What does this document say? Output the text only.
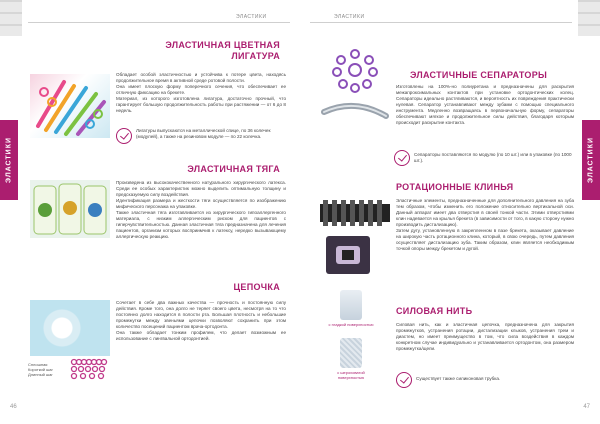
ЭЛАСТИКИ
ЭЛАСТИКИ
ЭЛАСТИЧНАЯ ЦВЕТНАЯ
ЛИГАТУРА

Обладает особой эластичностью и устойчива к потере цвета, находясь продолжительное время в активной среде ротовой полости.

Она имеет плоскую форму поперечного сечения, что обеспечивает ее отличную фиксацию на брекете.

Материал, из которого изготовлена лигатура, достаточно прочный, что гарантирует большую продолжительность работы при растяжении — от 6 до 8 недель.

Лигатуры выпускаются на металлической спице, по 36 колечек (модулей), а также на резиновом модуле — по 22 колечка.
ЭЛАСТИЧНАЯ ТЯГА

Произведена из высококачественного натурального хирургического латекса. Среди ее особых характеристик можно выделить оптимальную толщину и предсказуемую силу воздействия.

Идентификация размера и жесткости тяги осуществляется по изображению мифического персонажа на упаковке.

Также эластичная тяга изготавливается из хирургического гипоаллергенного материала, с низким аллергическим риском для пациентов с гиперчувствительностью. Данная эластичная тяга предназначена для лечения пациентов, организм которых восприимчив к латексу, нередко вызывающему аллергическую реакцию.

ЦЕПОЧКА
Сплошная
Короткий шаг
Длинный шаг

Сочетает в себе два важных качества — прочность и постоянную силу действия. Кроме того, она долго не теряет своего цвета, несмотря на то что постоянно долго находится в полости рта. Большая плотность и небольшие промежутки между звеньями цепочки позволяют сохранить при этом количество посещений пациентом врача-ортодонта.

Она также обладает тонким профилем, что делает возможным ее использование с лингвальной ортодонтией.

46
ЭЛАСТИКИ
ЭЛАСТИКИ
ЭЛАСТИЧНЫЕ СЕПАРАТОРЫ

Изготовлены на 100%-но полиуретана и предназначены для раскрытия межапроксимальных контактов при установке ортодонтических колец. Сепараторы идеально растягиваются, и вероятность их повреждения практически нулевая. Сепаратор устанавливают между зубами с помощью специального инструмента. Медленно возвращаясь в первоначальную форму, сепараторы обеспечивают мягкое и продолжительное силы действия, благодаря которым происходит раскрытие контакта.

Сепараторы поставляются по модулю (по 10 шт.) или в упаковке (по 1000 шт.).
РОТАЦИОННЫЕ КЛИНЬЯ

Эластичные элементы, предназначенные для дополнительного давления на зуба тем образом, чтобы изменить его положение относительно вертикальной оси. Данный аппарат имеет два отверстия в своей тонкой части. Этими отверстиями клин надевается на крылья брекета (в зависимости от того, в какую сторону нужно производить дистализацию).

Затем дугу, установленную в закрепленном в пазе брекета, оказывает давление на широкую часть ротационного клина, который, в свою очередь, путем давления осуществляет дистализацию зуба. Таким образом, клин является необходимым точкой опоры между брекетом и дугой.

с гладкой поверхностью
с шероховатой поверхностью
СИЛОВАЯ НИТЬ

Силовая нить, как и эластичная цепочка, предназначена для закрытия промежутков, устранения ротации, дистализации клыков, устранения трем и диастем, но имеет преимущество в том, что сила воздействия в каждом конкретном случае индивидуально и устанавливается ортодонтом, она размером промежутка/щели.

Существует также силиконовая трубка.
47
